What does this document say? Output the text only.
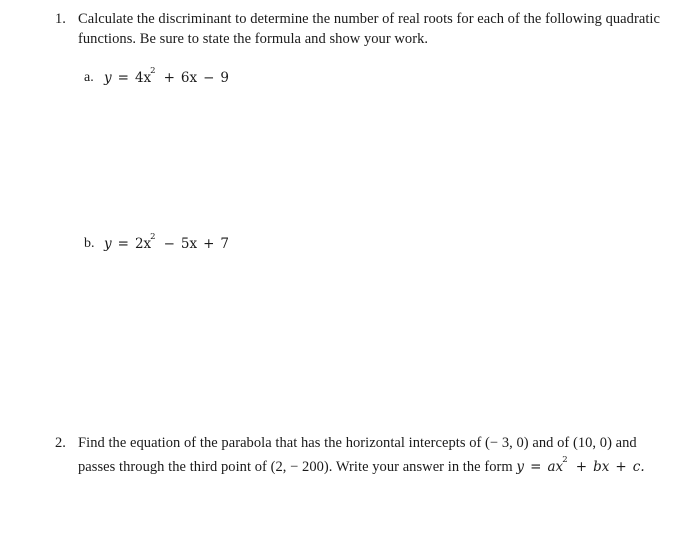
1. Calculate the discriminant to determine the number of real roots for each of the following quadratic
functions. Be sure to state the formula and show your work.
a. $y = 4x^2 + 6x - 9$
b. $y = 2x^2 - 5x + 7$
2. Find the equation of the parabola that has the horizontal intercepts of (− 3, 0) and of (10, 0) and
passes through the third point of (2, − 200). Write your answer in the form $y = ax^2$ + bx + c.
